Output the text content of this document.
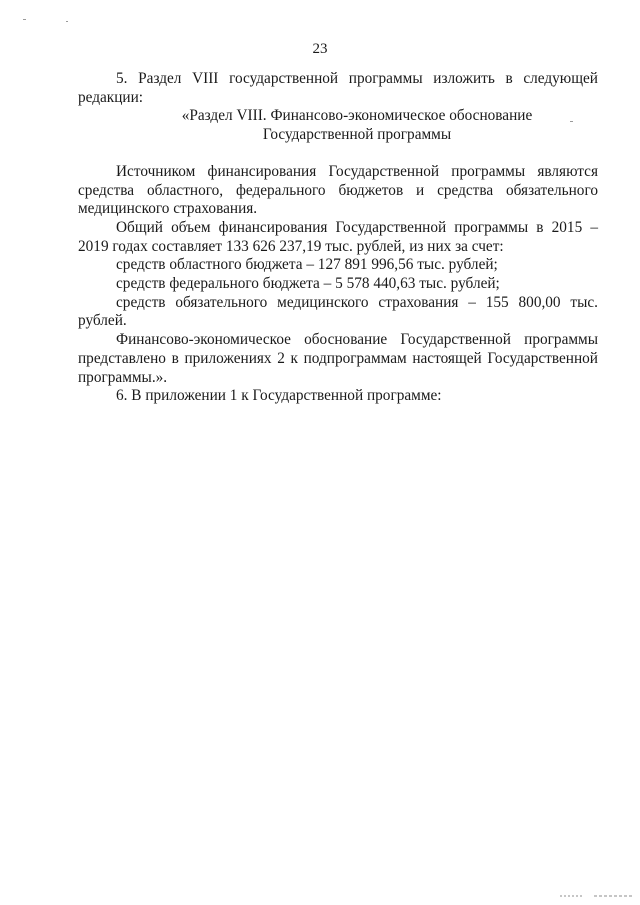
23

5. Раздел VIII государственной программы изложить в следующей редакции:

«Раздел VIII. Финансово-экономическое обоснование

Государственной программы

Источником финансирования Государственной программы являются средства областного, федерального бюджетов и средства обязательного медицинского страхования.

Общий объем финансирования Государственной программы в 2015 – 2019 годах составляет 133 626 237,19 тыс. рублей, из них за счет:

средств областного бюджета – 127 891 996,56 тыс. рублей;

средств федерального бюджета – 5 578 440,63 тыс. рублей;

средств обязательного медицинского страхования – 155 800,00 тыс. рублей.

Финансово-экономическое обоснование Государственной программы представлено в приложениях 2 к подпрограммам настоящей Государственной программы.».

6. В приложении 1 к Государственной программе:
